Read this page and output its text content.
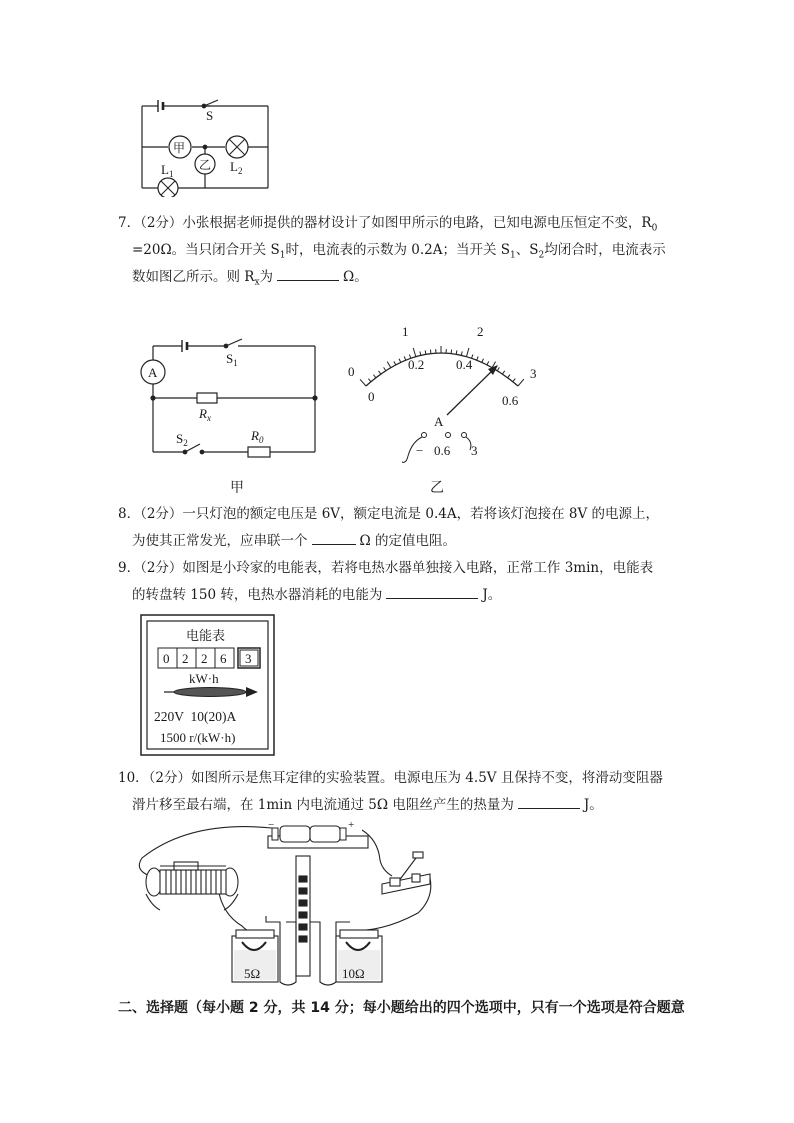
S
甲
乙 $L_2$
$L_1$
7．（2分）小张根据老师提供的器材设计了如图甲所示的电路，已知电源电压恒定不变，$R_0$
=20Ω。当只闭合开关 $S_1$时，电流表的示数为 0.2A；当开关 $S_1$、$S_2$均闭合时，电流表示
数如图乙所示。则 $R_x$为	Ω。
A
$S_1$
$R_x$
$S_2$	$R_0$
甲
0
1	2
3
0
0.2 0.4
0.6
A
− 0.6 3
乙
8．（2分）一只灯泡的额定电压是 6V，额定电流是 0.4A，若将该灯泡接在 8V 的电源上，
为使其正常发光，应串联一个	Ω 的定值电阻。
9．（2分）如图是小玲家的电能表，若将电热水器单独接入电路，正常工作 3min，电能表
的转盘转 150 转，电热水器消耗的电能为	J。
电能表
0 2 2 6 3
kW·h
220V  10(20)A
1500 r/(kW·h)
10．（2分）如图所示是焦耳定律的实验装置。电源电压为 4.5V 且保持不变，将滑动变阻器
滑片移至最右端，在 1min 内电流通过 5Ω 电阻丝产生的热量为	J。
−	+
5Ω	10Ω
二、选择题（每小题 2 分，共 14 分；每小题给出的四个选项中，只有一个选项是符合题意
